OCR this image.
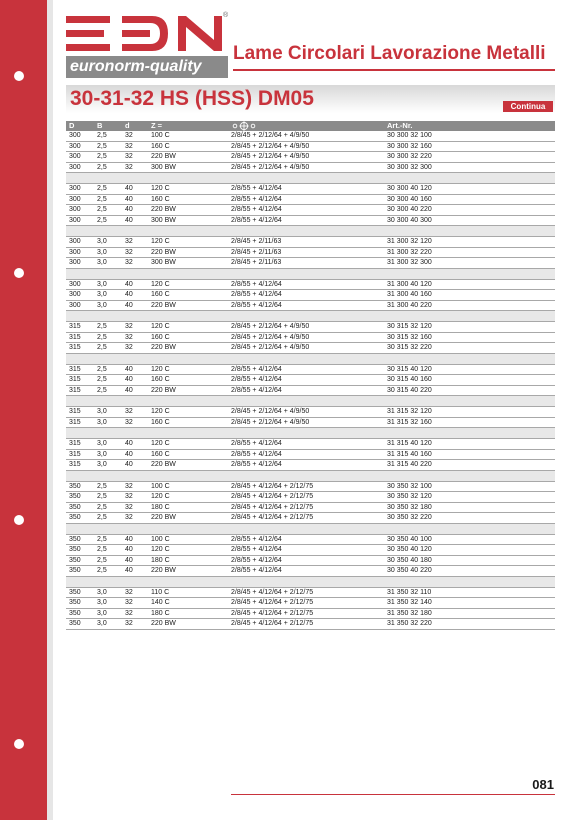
®
euronorm-quality
Lame Circolari Lavorazione Metalli
30-31-32 HS (HSS) DM05	Continua
D	B	d	Z =	Art.-Nr.
300 2,5	32	100 C	2/8/45 + 2/12/64 + 4/9/50	30 300 32 100
300 2,5	32	160 C	2/8/45 + 2/12/64 + 4/9/50	30 300 32 160
300 2,5	32	220 BW	2/8/45 + 2/12/64 + 4/9/50	30 300 32 220
300 2,5	32	300 BW	2/8/45 + 2/12/64 + 4/9/50	30 300 32 300
300 2,5	40	120 C	2/8/55 + 4/12/64	30 300 40 120
300 2,5	40	160 C	2/8/55 + 4/12/64	30 300 40 160
300 2,5	40	220 BW	2/8/55 + 4/12/64	30 300 40 220
300 2,5	40	300 BW	2/8/55 + 4/12/64	30 300 40 300
300 3,0	32	120 C	2/8/45 + 2/11/63	31 300 32 120
300 3,0	32	220 BW	2/8/45 + 2/11/63	31 300 32 220
300 3,0	32	300 BW	2/8/45 + 2/11/63	31 300 32 300
300 3,0	40	120 C	2/8/55 + 4/12/64	31 300 40 120
300 3,0	40	160 C	2/8/55 + 4/12/64	31 300 40 160
300 3,0	40	220 BW	2/8/55 + 4/12/64	31 300 40 220
315 2,5	32	120 C	2/8/45 + 2/12/64 + 4/9/50	30 315 32 120
315 2,5	32	160 C	2/8/45 + 2/12/64 + 4/9/50	30 315 32 160
315 2,5	32	220 BW	2/8/45 + 2/12/64 + 4/9/50	30 315 32 220
315 2,5	40	120 C	2/8/55 + 4/12/64	30 315 40 120
315 2,5	40	160 C	2/8/55 + 4/12/64	30 315 40 160
315 2,5	40	220 BW	2/8/55 + 4/12/64	30 315 40 220
315 3,0	32	120 C	2/8/45 + 2/12/64 + 4/9/50	31 315 32 120
315 3,0	32	160 C	2/8/45 + 2/12/64 + 4/9/50	31 315 32 160
315 3,0	40	120 C	2/8/55 + 4/12/64	31 315 40 120
315 3,0	40	160 C	2/8/55 + 4/12/64	31 315 40 160
315 3,0	40	220 BW	2/8/55 + 4/12/64	31 315 40 220
350 2,5	32	100 C	2/8/45 + 4/12/64 + 2/12/75	30 350 32 100
350 2,5	32	120 C	2/8/45 + 4/12/64 + 2/12/75	30 350 32 120
350 2,5	32	180 C	2/8/45 + 4/12/64 + 2/12/75	30 350 32 180
350 2,5	32	220 BW	2/8/45 + 4/12/64 + 2/12/75	30 350 32 220
350 2,5	40	100 C	2/8/55 + 4/12/64	30 350 40 100
350 2,5	40	120 C	2/8/55 + 4/12/64	30 350 40 120
350 2,5	40	180 C	2/8/55 + 4/12/64	30 350 40 180
350 2,5	40	220 BW	2/8/55 + 4/12/64	30 350 40 220
350 3,0	32	110 C	2/8/45 + 4/12/64 + 2/12/75	31 350 32 110
350 3,0	32	140 C	2/8/45 + 4/12/64 + 2/12/75	31 350 32 140
350 3,0	32	180 C	2/8/45 + 4/12/64 + 2/12/75	31 350 32 180
350 3,0	32	220 BW	2/8/45 + 4/12/64 + 2/12/75	31 350 32 220
081
